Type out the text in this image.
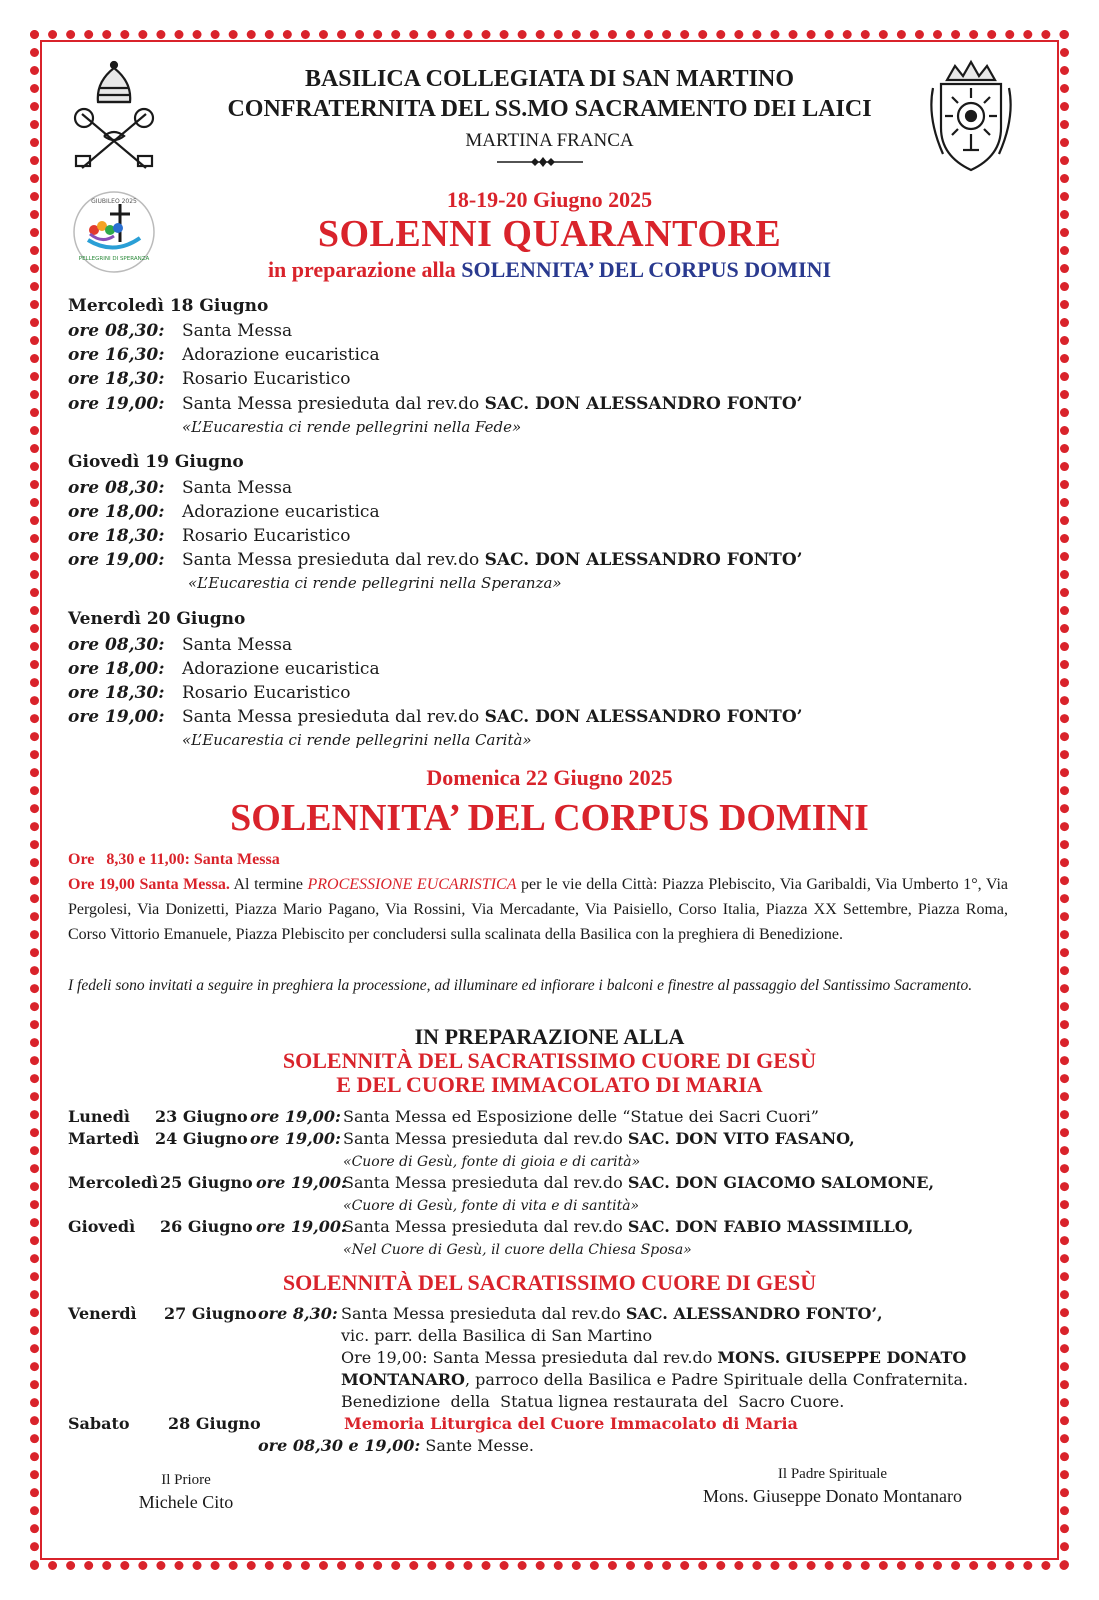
BASILICA COLLEGIATA DI SAN MARTINO
CONFRATERNITA DEL SS.MO SACRAMENTO DEI LAICI
MARTINA FRANCA
GIUBILEO 2025
PELLEGRINI DI SPERANZA
18-19-20 Giugno 2025
SOLENNI QUARANTORE
in preparazione alla SOLENNITA’ DEL CORPUS DOMINI
Mercoledì 18 Giugno
ore 08,30: Santa Messa
ore 16,30: Adorazione eucaristica
ore 18,30: Rosario Eucaristico
ore 19,00: Santa Messa presieduta dal rev.do SAC. DON ALESSANDRO FONTO’
«L’Eucarestia ci rende pellegrini nella Fede»
Giovedì 19 Giugno
ore 08,30: Santa Messa
ore 18,00: Adorazione eucaristica
ore 18,30: Rosario Eucaristico
ore 19,00: Santa Messa presieduta dal rev.do SAC. DON ALESSANDRO FONTO’
«L’Eucarestia ci rende pellegrini nella Speranza»
Venerdì 20 Giugno
ore 08,30: Santa Messa
ore 18,00: Adorazione eucaristica
ore 18,30: Rosario Eucaristico
ore 19,00: Santa Messa presieduta dal rev.do SAC. DON ALESSANDRO FONTO’
«L’Eucarestia ci rende pellegrini nella Carità»
Domenica 22 Giugno 2025
SOLENNITA’ DEL CORPUS DOMINI
Ore   8,30 e 11,00: Santa Messa
Ore 19,00 Santa Messa. Al termine PROCESSIONE EUCARISTICA per le vie della Città: Piazza Plebiscito, Via Garibaldi, Via Umberto 1°, Via Pergolesi, Via Donizetti, Piazza Mario Pagano, Via Rossini, Via Mercadante, Via Paisiello, Corso Italia, Piazza XX Settembre, Piazza Roma, Corso Vittorio Emanuele, Piazza Plebiscito per concludersi sulla scalinata della Basilica con la preghiera di Benedizione.
I fedeli sono invitati a seguire in preghiera la processione, ad illuminare ed infiorare i balconi e finestre al passaggio del Santissimo Sacramento.
IN PREPARAZIONE ALLA
SOLENNITÀ DEL SACRATISSIMO CUORE DI GESÙ
E DEL CUORE IMMACOLATO DI MARIA
Lunedì 23 Giugno ore 19,00: Santa Messa ed Esposizione delle “Statue dei Sacri Cuori”
Martedì 24 Giugno ore 19,00: Santa Messa presieduta dal rev.do SAC. DON VITO FASANO,
«Cuore di Gesù, fonte di gioia e di carità»
Mercoledì 25 Giugno ore 19,00:
Santa Messa presieduta dal rev.do SAC. DON GIACOMO SALOMONE,
«Cuore di Gesù, fonte di vita e di santità»
Giovedì 26 Giugno ore 19,00:
Santa Messa presieduta dal rev.do SAC. DON FABIO MASSIMILLO,
«Nel Cuore di Gesù, il cuore della Chiesa Sposa»
SOLENNITÀ DEL SACRATISSIMO CUORE DI GESÙ
Venerdì 27 Giugno ore 8,30: Santa Messa presieduta dal rev.do SAC. ALESSANDRO FONTO’,
vic. parr. della Basilica di San Martino
Ore 19,00: Santa Messa presieduta dal rev.do MONS. GIUSEPPE DONATO
MONTANARO, parroco della Basilica e Padre Spirituale della Confraternita.
Benedizione  della  Statua lignea restaurata del  Sacro Cuore.
Sabato 28 Giugno	Memoria Liturgica del Cuore Immacolato di Maria
ore 08,30 e 19,00: Sante Messe.
Il Priore
Michele Cito
Il Padre Spirituale
Mons. Giuseppe Donato Montanaro
